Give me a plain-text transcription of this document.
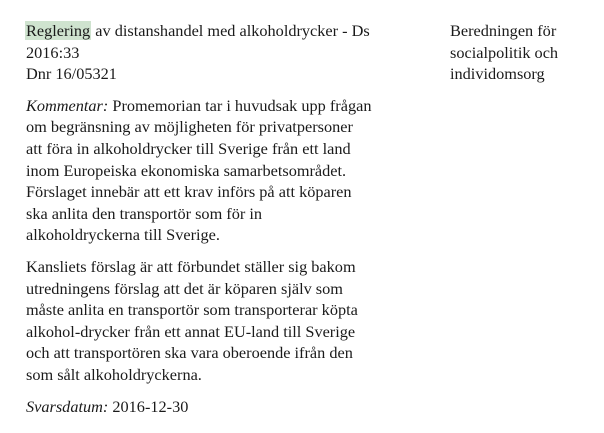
Reglering av distanshandel med alkoholdrycker - Ds
2016:33
Dnr 16/05321

Kommentar: Promemorian tar i huvudsak upp frågan
om begränsning av möjligheten för privatpersoner
att föra in alkoholdrycker till Sverige från ett land
inom Europeiska ekonomiska samarbetsområdet.
Förslaget innebär att ett krav införs på att köparen
ska anlita den transportör som för in
alkoholdryckerna till Sverige.

Kansliets förslag är att förbundet ställer sig bakom
utredningens förslag att det är köparen själv som
måste anlita en transportör som transporterar köpta
alkohol-drycker från ett annat EU-land till Sverige
och att transportören ska vara oberoende ifrån den
som sålt alkoholdryckerna.

Svarsdatum: 2016-12-30

Beredningen för
socialpolitik och
individomsorg
